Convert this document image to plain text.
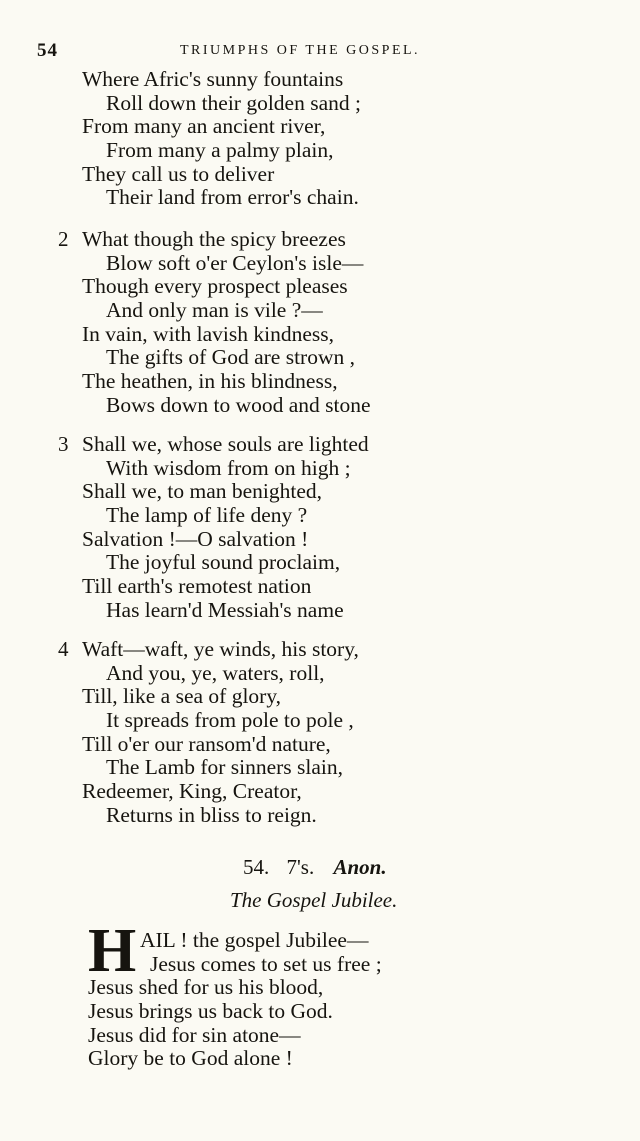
54	TRIUMPHS OF THE GOSPEL.
Where Afric's sunny fountains
Roll down their golden sand ;
From many an ancient river,
From many a palmy plain,
They call us to deliver
Their land from error's chain.
2 What though the spicy breezes
Blow soft o'er Ceylon's isle—
Though every prospect pleases
And only man is vile ?—
In vain, with lavish kindness,
The gifts of God are strown ,
The heathen, in his blindness,
Bows down to wood and stone
3 Shall we, whose souls are lighted
With wisdom from on high ;
Shall we, to man benighted,
The lamp of life deny ?
Salvation !—O salvation !
The joyful sound proclaim,
Till earth's remotest nation
Has learn'd Messiah's name
4 Waft—waft, ye winds, his story,
And you, ye, waters, roll,
Till, like a sea of glory,
It spreads from pole to pole ,
Till o'er our ransom'd nature,
The Lamb for sinners slain,
Redeemer, King, Creator,
Returns in bliss to reign.
54. 7's. Anon.
The Gospel Jubilee.
H AIL ! the gospel Jubilee—
Jesus comes to set us free ;
Jesus shed for us his blood,
Jesus brings us back to God.
Jesus did for sin atone—
Glory be to God alone !
